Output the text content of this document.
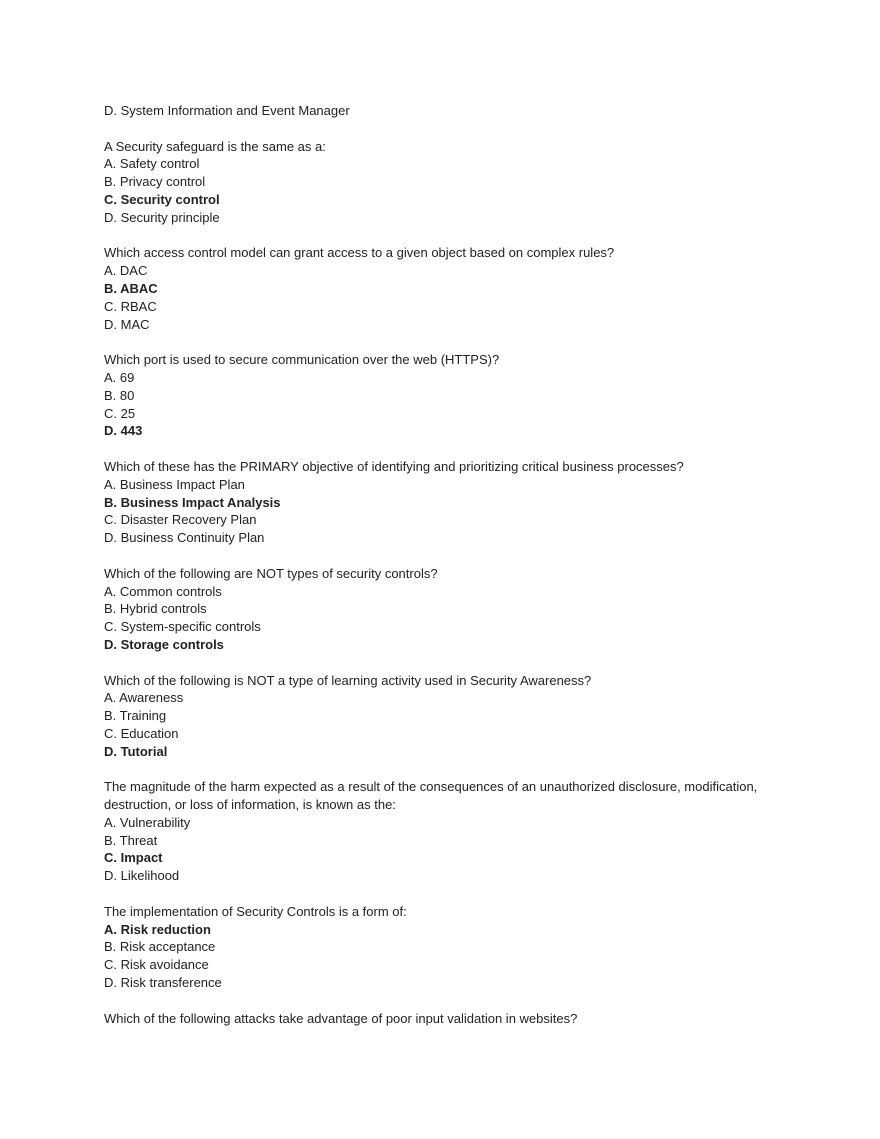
D. System Information and Event Manager
A Security safeguard is the same as a:
A. Safety control
B. Privacy control
C. Security control
D. Security principle
Which access control model can grant access to a given object based on complex rules?
A. DAC
B. ABAC
C. RBAC
D. MAC
Which port is used to secure communication over the web (HTTPS)?
A. 69
B. 80
C. 25
D. 443
Which of these has the PRIMARY objective of identifying and prioritizing critical business processes?
A. Business Impact Plan
B. Business Impact Analysis
C. Disaster Recovery Plan
D. Business Continuity Plan
Which of the following are NOT types of security controls?
A. Common controls
B. Hybrid controls
C. System-specific controls
D. Storage controls
Which of the following is NOT a type of learning activity used in Security Awareness?
A. Awareness
B. Training
C. Education
D. Tutorial
The magnitude of the harm expected as a result of the consequences of an unauthorized disclosure, modification, destruction, or loss of information, is known as the:
A. Vulnerability
B. Threat
C. Impact
D. Likelihood
The implementation of Security Controls is a form of:
A. Risk reduction
B. Risk acceptance
C. Risk avoidance
D. Risk transference
Which of the following attacks take advantage of poor input validation in websites?
